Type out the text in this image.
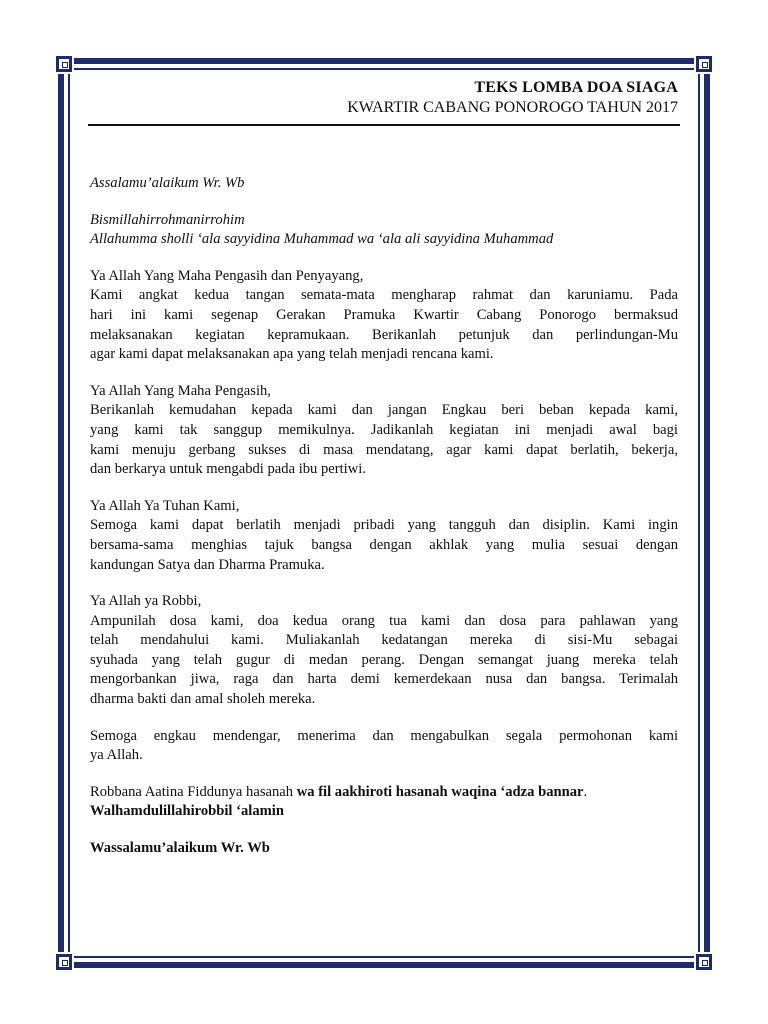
TEKS LOMBA DOA SIAGA
KWARTIR CABANG PONOROGO TAHUN 2017

Assalamu’alaikum Wr. Wb

Bismillahirrohmanirrohim
Allahumma sholli ‘ala sayyidina Muhammad wa ‘ala ali sayyidina Muhammad

Ya Allah Yang Maha Pengasih dan Penyayang,
Kami angkat kedua tangan semata-mata mengharap rahmat dan karuniamu. Pada
hari ini kami segenap Gerakan Pramuka Kwartir Cabang Ponorogo bermaksud
melaksanakan kegiatan kepramukaan. Berikanlah petunjuk dan perlindungan-Mu
agar kami dapat melaksanakan apa yang telah menjadi rencana kami.

Ya Allah Yang Maha Pengasih,
Berikanlah kemudahan kepada kami dan jangan Engkau beri beban kepada kami,
yang kami tak sanggup memikulnya. Jadikanlah kegiatan ini menjadi awal bagi
kami menuju gerbang sukses di masa mendatang, agar kami dapat berlatih, bekerja,
dan berkarya untuk mengabdi pada ibu pertiwi.

Ya Allah Ya Tuhan Kami,
Semoga kami dapat berlatih menjadi pribadi yang tangguh dan disiplin. Kami ingin
bersama-sama menghias tajuk bangsa dengan akhlak yang mulia sesuai dengan
kandungan Satya dan Dharma Pramuka.

Ya Allah ya Robbi,
Ampunilah dosa kami, doa kedua orang tua kami dan dosa para pahlawan yang
telah mendahului kami. Muliakanlah kedatangan mereka di sisi-Mu sebagai
syuhada yang telah gugur di medan perang. Dengan semangat juang mereka telah
mengorbankan jiwa, raga dan harta demi kemerdekaan nusa dan bangsa. Terimalah
dharma bakti dan amal sholeh mereka.

Semoga engkau mendengar, menerima dan mengabulkan segala permohonan kami
ya Allah.

Robbana Aatina Fiddunya hasanah wa fil aakhiroti hasanah waqina ‘adza bannar.
Walhamdulillahirobbil ‘alamin

Wassalamu’alaikum Wr. Wb
